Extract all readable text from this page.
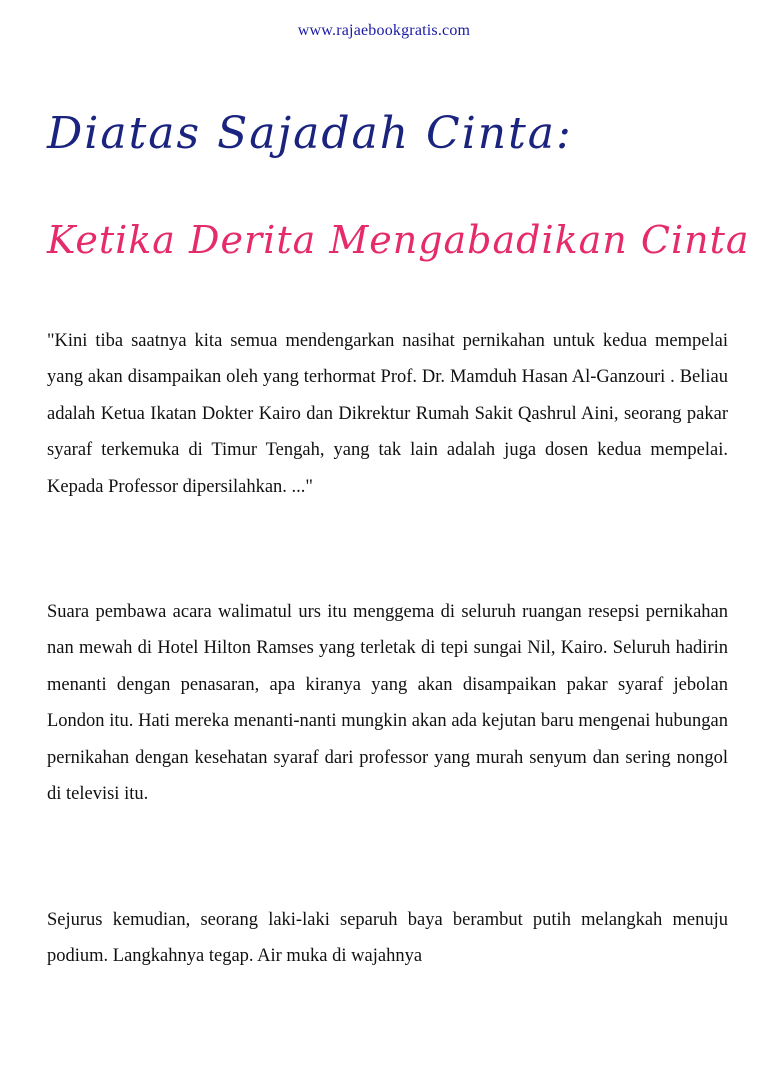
www.rajaebookgratis.com
Diatas Sajadah Cinta:
Ketika Derita Mengabadikan Cinta
"Kini tiba saatnya kita semua mendengarkan nasihat pernikahan untuk kedua mempelai yang akan disampaikan oleh yang terhormat Prof. Dr. Mamduh Hasan Al-Ganzouri . Beliau adalah Ketua Ikatan Dokter Kairo dan Dikrektur Rumah Sakit Qashrul Aini, seorang pakar syaraf terkemuka di Timur Tengah, yang tak lain adalah juga dosen kedua mempelai. Kepada Professor dipersilahkan. ..."
Suara pembawa acara walimatul urs itu menggema di seluruh ruangan resepsi pernikahan nan mewah di Hotel Hilton Ramses yang terletak di tepi sungai Nil, Kairo. Seluruh hadirin menanti dengan penasaran, apa kiranya yang akan disampaikan pakar syaraf jebolan London itu. Hati mereka menanti-nanti mungkin akan ada kejutan baru mengenai hubungan pernikahan dengan kesehatan syaraf dari professor yang murah senyum dan sering nongol di televisi itu.
Sejurus kemudian, seorang laki-laki separuh baya berambut putih melangkah menuju podium. Langkahnya tegap. Air muka di wajahnya
